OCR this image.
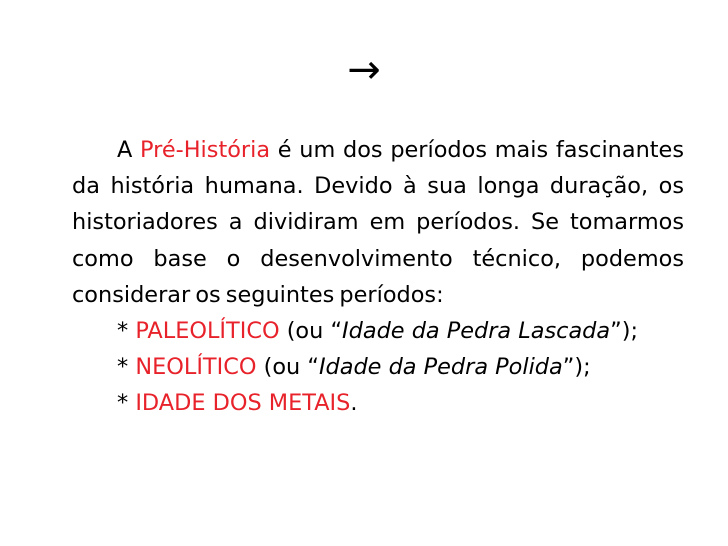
→

A Pré-História é um dos períodos mais fascinantes da história humana. Devido à sua longa duração, os historiadores a dividiram em períodos. Se tomarmos como base o desenvolvimento técnico, podemos considerar os seguintes períodos:

* PALEOLÍTICO (ou “Idade da Pedra Lascada”);

* NEOLÍTICO (ou “Idade da Pedra Polida”);

* IDADE DOS METAIS.
